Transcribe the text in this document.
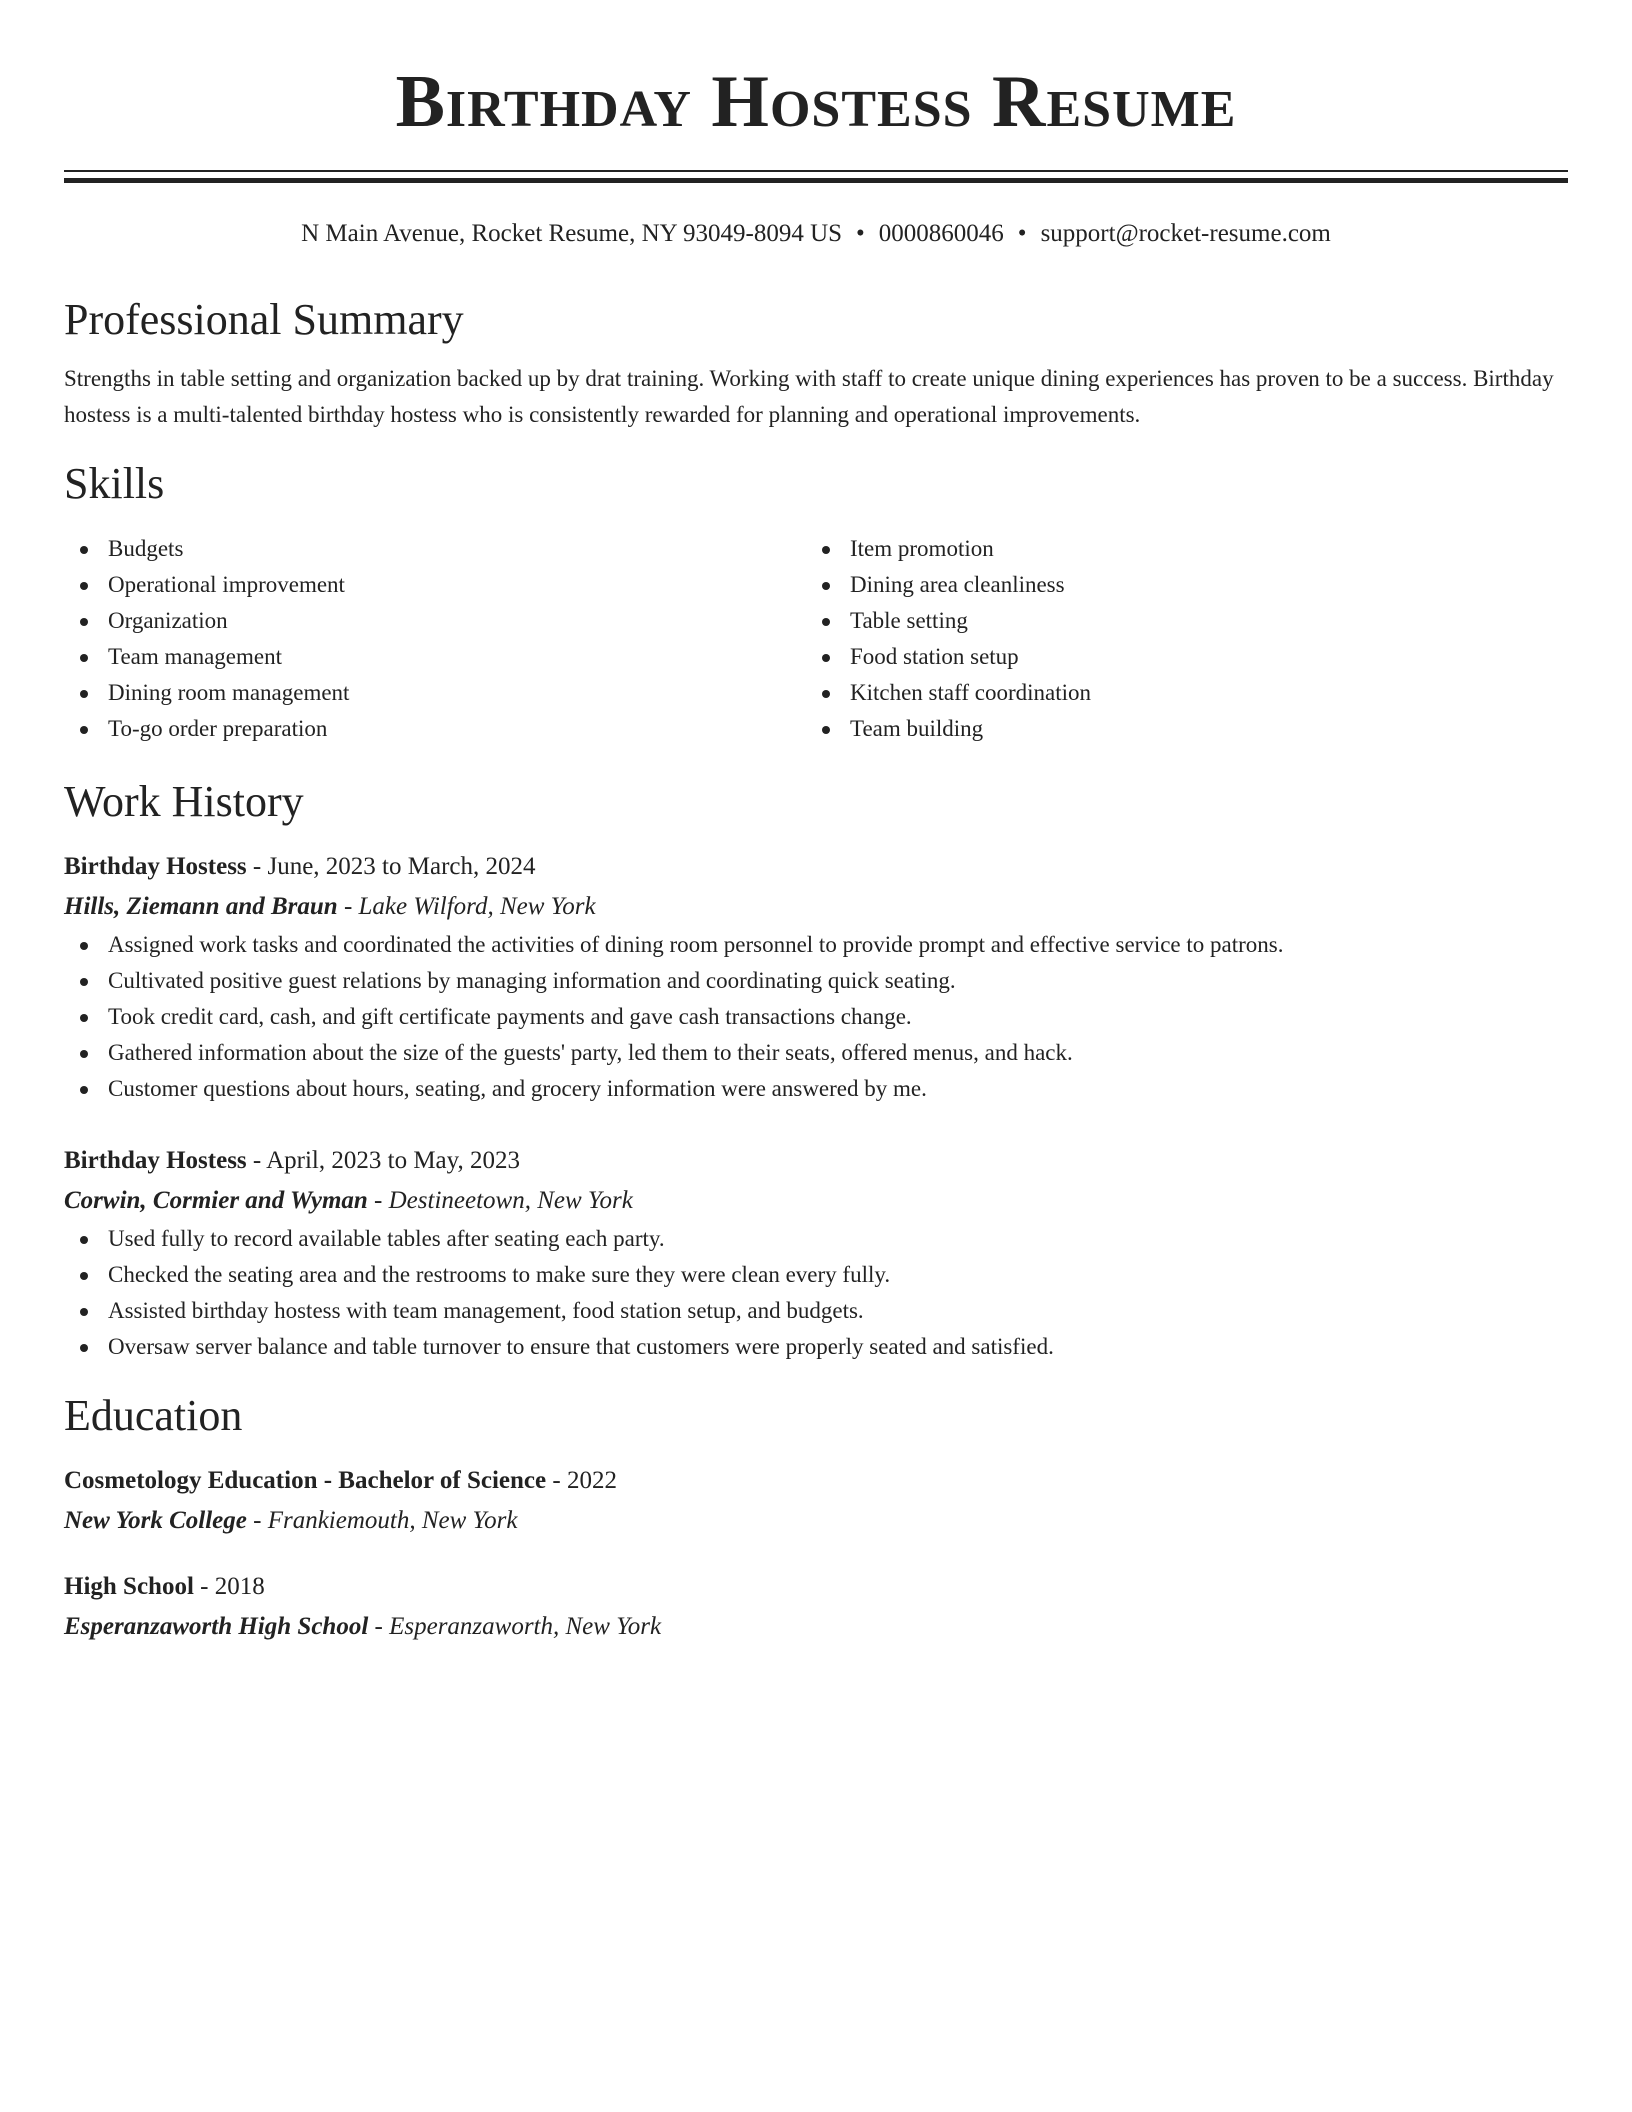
Birthday Hostess Resume
N Main Avenue, Rocket Resume, NY 93049-8094 US • 0000860046 • support@rocket-resume.com
Professional Summary
Strengths in table setting and organization backed up by drat training. Working with staff to create unique dining experiences has proven to be a success. Birthday hostess is a multi-talented birthday hostess who is consistently rewarded for planning and operational improvements.
Skills
Budgets
Operational improvement
Organization
Team management
Dining room management
To-go order preparation
Item promotion
Dining area cleanliness
Table setting
Food station setup
Kitchen staff coordination
Team building
Work History
Birthday Hostess - June, 2023 to March, 2024
Hills, Ziemann and Braun - Lake Wilford, New York
Assigned work tasks and coordinated the activities of dining room personnel to provide prompt and effective service to patrons.
Cultivated positive guest relations by managing information and coordinating quick seating.
Took credit card, cash, and gift certificate payments and gave cash transactions change.
Gathered information about the size of the guests' party, led them to their seats, offered menus, and hack.
Customer questions about hours, seating, and grocery information were answered by me.
Birthday Hostess - April, 2023 to May, 2023
Corwin, Cormier and Wyman - Destineetown, New York
Used fully to record available tables after seating each party.
Checked the seating area and the restrooms to make sure they were clean every fully.
Assisted birthday hostess with team management, food station setup, and budgets.
Oversaw server balance and table turnover to ensure that customers were properly seated and satisfied.
Education
Cosmetology Education - Bachelor of Science - 2022
New York College - Frankiemouth, New York
High School - 2018
Esperanzaworth High School - Esperanzaworth, New York
